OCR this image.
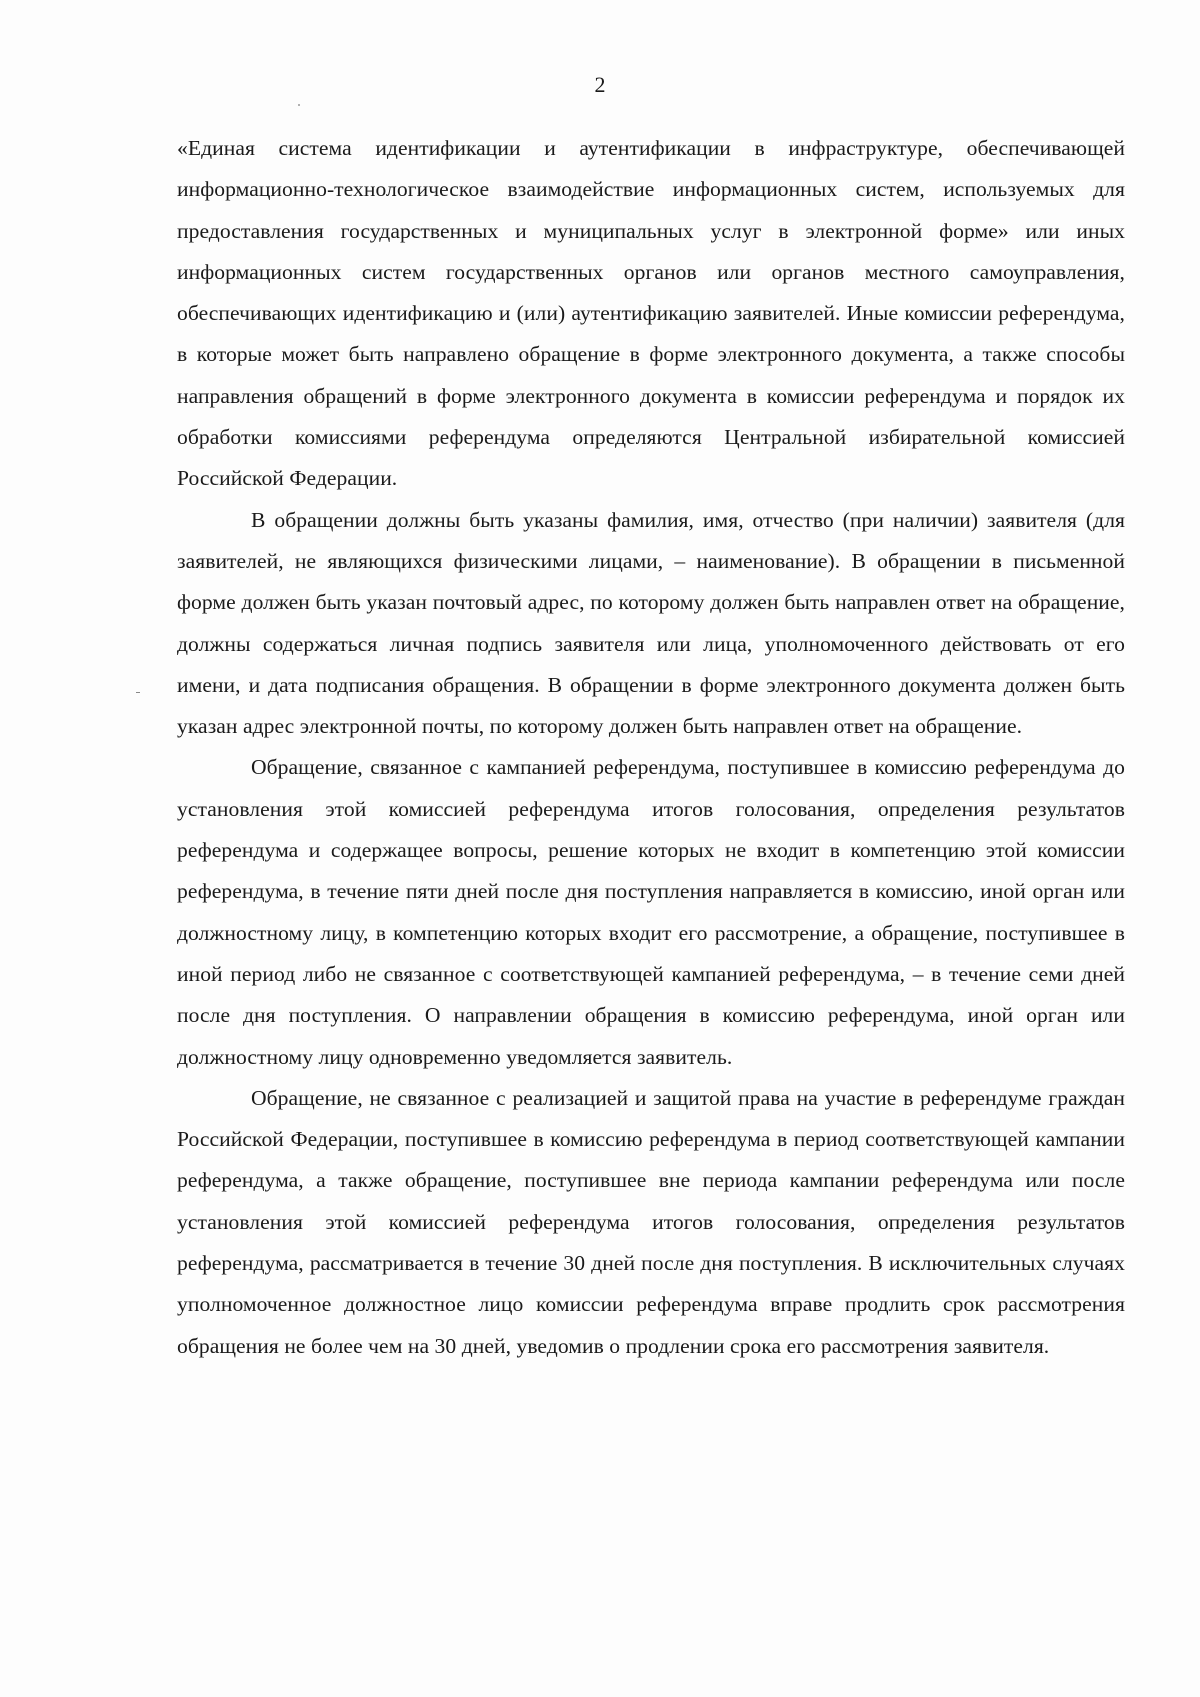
2

«Единая система идентификации и аутентификации в инфраструктуре, обеспечивающей информационно-технологическое взаимодействие информационных систем, используемых для предоставления государственных и муниципальных услуг в электронной форме» или иных информационных систем государственных органов или органов местного самоуправления, обеспечивающих идентификацию и (или) аутентификацию заявителей. Иные комиссии референдума, в которые может быть направлено обращение в форме электронного документа, а также способы направления обращений в форме электронного документа в комиссии референдума и порядок их обработки комиссиями референдума определяются Центральной избирательной комиссией Российской Федерации.

В обращении должны быть указаны фамилия, имя, отчество (при наличии) заявителя (для заявителей, не являющихся физическими лицами, – наименование). В обращении в письменной форме должен быть указан почтовый адрес, по которому должен быть направлен ответ на обращение, должны содержаться личная подпись заявителя или лица, уполномоченного действовать от его имени, и дата подписания обращения. В обращении в форме электронного документа должен быть указан адрес электронной почты, по которому должен быть направлен ответ на обращение.

Обращение, связанное с кампанией референдума, поступившее в комиссию референдума до установления этой комиссией референдума итогов голосования, определения результатов референдума и содержащее вопросы, решение которых не входит в компетенцию этой комиссии референдума, в течение пяти дней после дня поступления направляется в комиссию, иной орган или должностному лицу, в компетенцию которых входит его рассмотрение, а обращение, поступившее в иной период либо не связанное с соответствующей кампанией референдума, – в течение семи дней после дня поступления. О направлении обращения в комиссию референдума, иной орган или должностному лицу одновременно уведомляется заявитель.

Обращение, не связанное с реализацией и защитой права на участие в референдуме граждан Российской Федерации, поступившее в комиссию референдума в период соответствующей кампании референдума, а также обращение, поступившее вне периода кампании референдума или после установления этой комиссией референдума итогов голосования, определения результатов референдума, рассматривается в течение 30 дней после дня поступления. В исключительных случаях уполномоченное должностное лицо комиссии референдума вправе продлить срок рассмотрения обращения не более чем на 30 дней, уведомив о продлении срока его рассмотрения заявителя.
